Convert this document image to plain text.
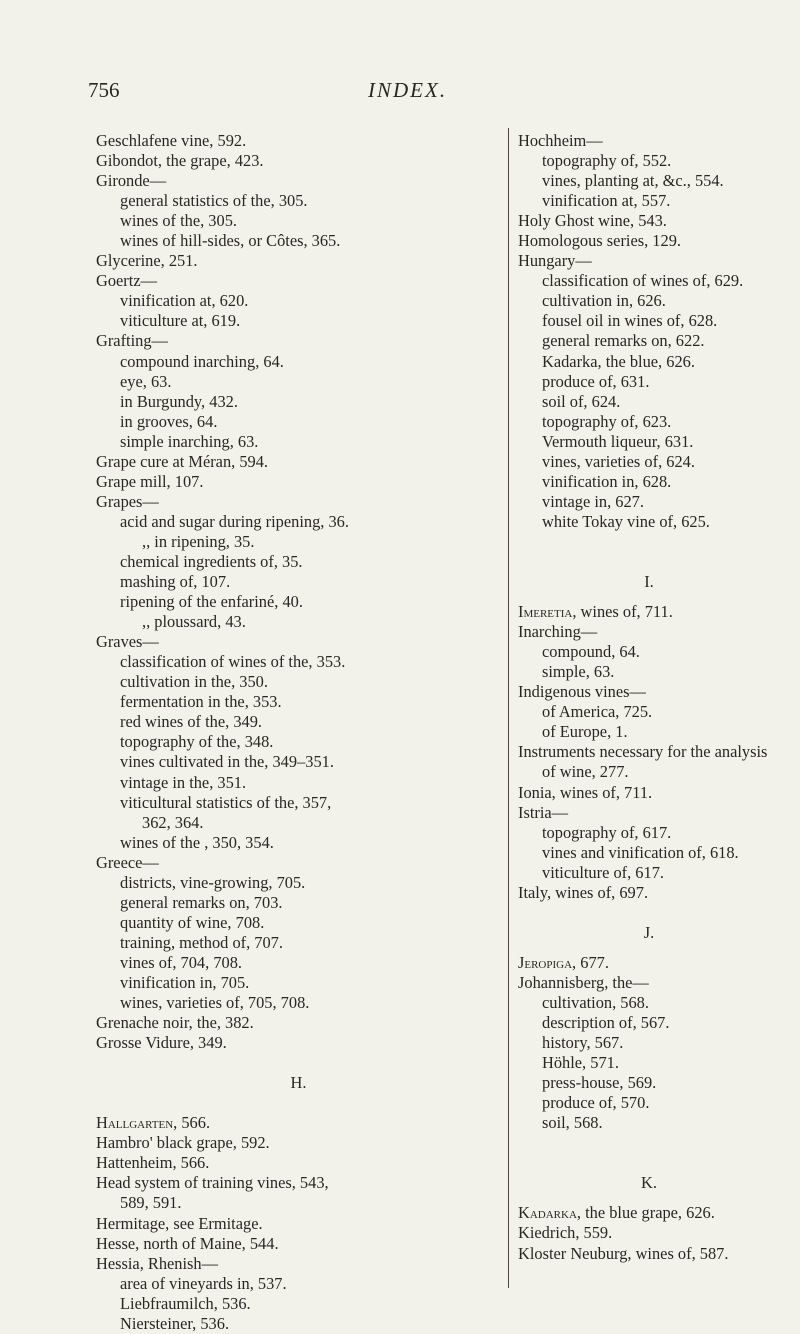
756	INDEX.
Geschlafene vine, 592.
Gibondot, the grape, 423.
Gironde—
general statistics of the, 305.
wines of the, 305.
wines of hill-sides, or Côtes, 365.
Glycerine, 251.
Goertz—
vinification at, 620.
viticulture at, 619.
Grafting—
compound inarching, 64.
eye, 63.
in Burgundy, 432.
in grooves, 64.
simple inarching, 63.
Grape cure at Méran, 594.
Grape mill, 107.
Grapes—
acid and sugar during ripening, 36.
,, in ripening, 35.
chemical ingredients of, 35.
mashing of, 107.
ripening of the enfariné, 40.
,, ploussard, 43.
Graves—
classification of wines of the, 353.
cultivation in the, 350.
fermentation in the, 353.
red wines of the, 349.
topography of the, 348.
vines cultivated in the, 349–351.
vintage in the, 351.
viticultural statistics of the, 357,
362, 364.
wines of the , 350, 354.
Greece—
districts, vine-growing, 705.
general remarks on, 703.
quantity of wine, 708.
training, method of, 707.
vines of, 704, 708.
vinification in, 705.
wines, varieties of, 705, 708.
Grenache noir, the, 382.
Grosse Vidure, 349.
H.
Hallgarten, 566.
Hambro' black grape, 592.
Hattenheim, 566.
Head system of training vines, 543,
589, 591.
Hermitage, see Ermitage.
Hesse, north of Maine, 544.
Hessia, Rhenish—
area of vineyards in, 537.
Liebfraumilch, 536.
Niersteiner, 536.
Hochheim—
topography of, 552.
vines, planting at, &c., 554.
vinification at, 557.
Holy Ghost wine, 543.
Homologous series, 129.
Hungary—
classification of wines of, 629.
cultivation in, 626.
fousel oil in wines of, 628.
general remarks on, 622.
Kadarka, the blue, 626.
produce of, 631.
soil of, 624.
topography of, 623.
Vermouth liqueur, 631.
vines, varieties of, 624.
vinification in, 628.
vintage in, 627.
white Tokay vine of, 625.
I.
Imeretia, wines of, 711.
Inarching—
compound, 64.
simple, 63.
Indigenous vines—
of America, 725.
of Europe, 1.
Instruments necessary for the analysis
of wine, 277.
Ionia, wines of, 711.
Istria—
topography of, 617.
vines and vinification of, 618.
viticulture of, 617.
Italy, wines of, 697.
J.
Jeropiga, 677.
Johannisberg, the—
cultivation, 568.
description of, 567.
history, 567.
Höhle, 571.
press-house, 569.
produce of, 570.
soil, 568.
K.
Kadarka, the blue grape, 626.
Kiedrich, 559.
Kloster Neuburg, wines of, 587.
